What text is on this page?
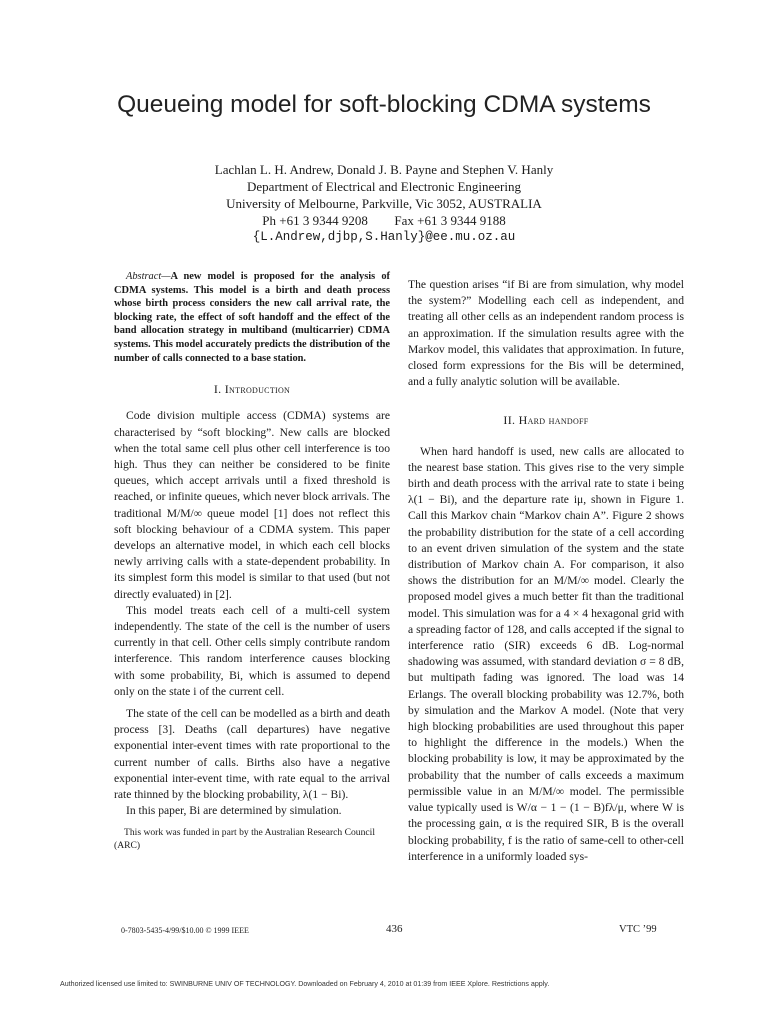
Queueing model for soft-blocking CDMA systems
Lachlan L. H. Andrew, Donald J. B. Payne and Stephen V. Hanly
Department of Electrical and Electronic Engineering
University of Melbourne, Parkville, Vic 3052, AUSTRALIA
Ph +61 3 9344 9208 Fax +61 3 9344 9188
{L.Andrew,djbp,S.Hanly}@ee.mu.oz.au

Abstract—A new model is proposed for the analysis of CDMA systems. This model is a birth and death process whose birth process considers the new call arrival rate, the blocking rate, the effect of soft handoff and the effect of the band allocation strategy in multiband (multicarrier) CDMA systems. This model accurately predicts the distribution of the number of calls connected to a base station.

I. Introduction

Code division multiple access (CDMA) systems are characterised by “soft blocking”. New calls are blocked when the total same cell plus other cell interference is too high. Thus they can neither be considered to be finite queues, which accept arrivals until a fixed threshold is reached, or infinite queues, which never block arrivals. The traditional M/M/∞ queue model [1] does not reflect this soft blocking behaviour of a CDMA system. This paper develops an alternative model, in which each cell blocks newly arriving calls with a state-dependent probability. In its simplest form this model is similar to that used (but not directly evaluated) in [2].

This model treats each cell of a multi-cell system independently. The state of the cell is the number of users currently in that cell. Other cells simply contribute random interference. This random interference causes blocking with some probability, Bi, which is assumed to depend only on the state i of the current cell.

The state of the cell can be modelled as a birth and death process [3]. Deaths (call departures) have negative exponential inter-event times with rate proportional to the current number of calls. Births also have a negative exponential inter-event time, with rate equal to the arrival rate thinned by the blocking probability, λ(1 − Bi).

In this paper, Bi are determined by simulation.

This work was funded in part by the Australian Research Council (ARC)

The question arises “if Bi are from simulation, why model the system?” Modelling each cell as independent, and treating all other cells as an independent random process is an approximation. If the simulation results agree with the Markov model, this validates that approximation. In future, closed form expressions for the Bis will be determined, and a fully analytic solution will be available.

II. Hard handoff

When hard handoff is used, new calls are allocated to the nearest base station. This gives rise to the very simple birth and death process with the arrival rate to state i being λ(1 − Bi), and the departure rate iμ, shown in Figure 1. Call this Markov chain “Markov chain A”. Figure 2 shows the probability distribution for the state of a cell according to an event driven simulation of the system and the state distribution of Markov chain A. For comparison, it also shows the distribution for an M/M/∞ model. Clearly the proposed model gives a much better fit than the traditional model. This simulation was for a 4 × 4 hexagonal grid with a spreading factor of 128, and calls accepted if the signal to interference ratio (SIR) exceeds 6 dB. Log-normal shadowing was assumed, with standard deviation σ = 8 dB, but multipath fading was ignored. The load was 14 Erlangs. The overall blocking probability was 12.7%, both by simulation and the Markov A model. (Note that very high blocking probabilities are used throughout this paper to highlight the difference in the models.) When the blocking probability is low, it may be approximated by the probability that the number of calls exceeds a maximum permissible value in an M/M/∞ model. The permissible value typically used is W/α − 1 − (1 − B)fλ/μ, where W is the processing gain, α is the required SIR, B is the overall blocking probability, f is the ratio of same-cell to other-cell interference in a uniformly loaded sys-

0-7803-5435-4/99/$10.00 © 1999 IEEE	436	VTC ’99
Authorized licensed use limited to: SWINBURNE UNIV OF TECHNOLOGY. Downloaded on February 4, 2010 at 01:39 from IEEE Xplore. Restrictions apply.
